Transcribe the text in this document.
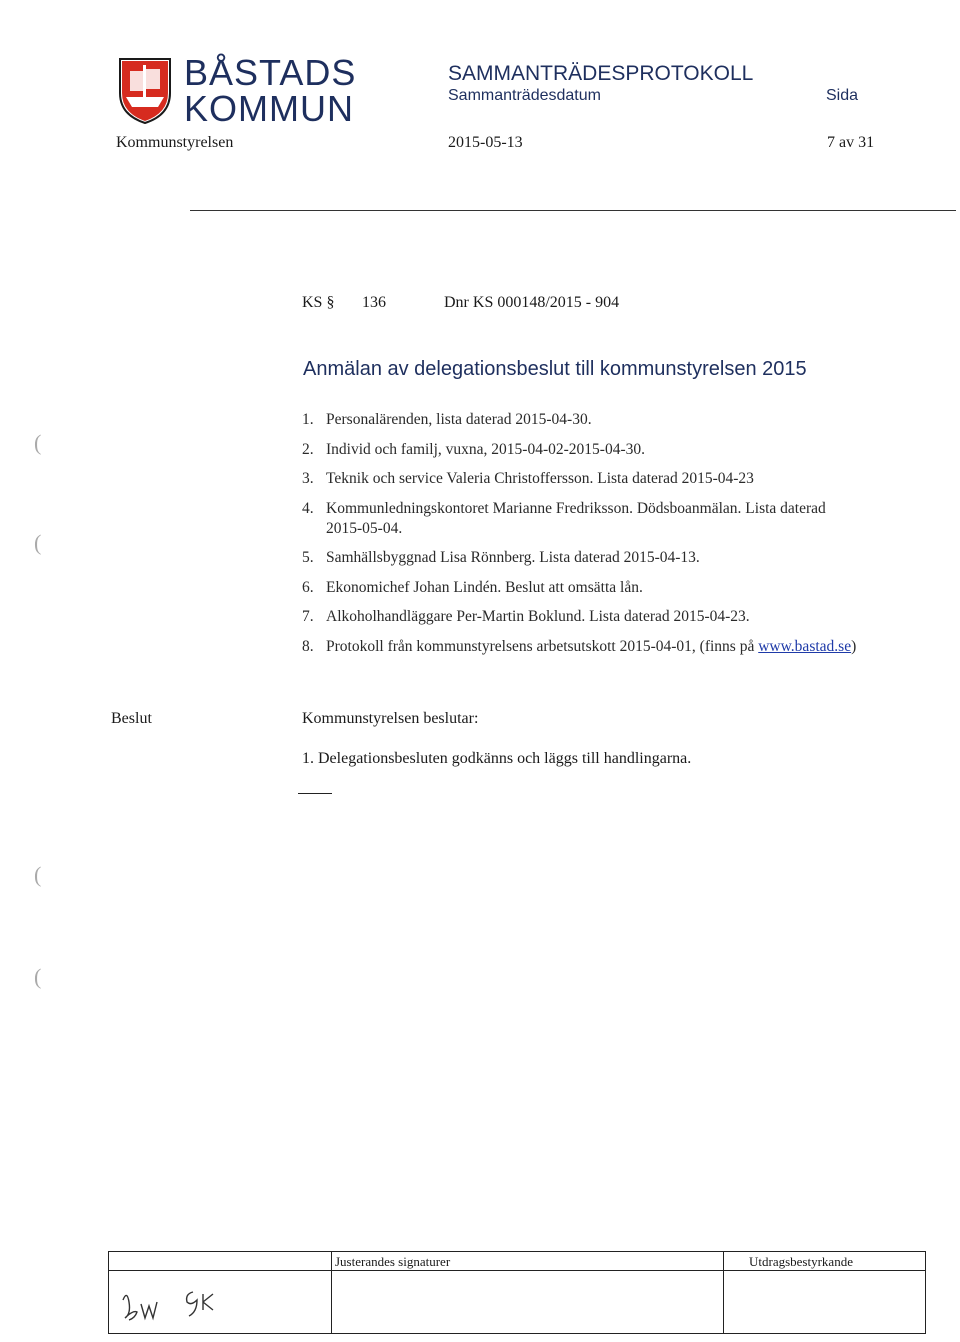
BÅSTADS
KOMMUN
SAMMANTRÄDESPROTOKOLL
Sammanträdesdatum	Sida
Kommunstyrelsen	2015-05-13	7 av 31
KS § 136	Dnr KS 000148/2015 - 904
Anmälan av delegationsbeslut till kommunstyrelsen 2015
1. Personalärenden, lista daterad 2015-04-30.
2. Individ och familj, vuxna, 2015-04-02-2015-04-30.
3. Teknik och service Valeria Christoffersson. Lista daterad 2015-04-23
4. Kommunledningskontoret Marianne Fredriksson. Dödsboanmälan. Lista daterad 2015-05-04.
5. Samhällsbyggnad Lisa Rönnberg. Lista daterad 2015-04-13.
6. Ekonomichef Johan Lindén. Beslut att omsätta lån.
7. Alkoholhandläggare Per-Martin Boklund. Lista daterad 2015-04-23.
8. Protokoll från kommunstyrelsens arbetsutskott 2015-04-01, (finns på www.bastad.se)
Beslut	Kommunstyrelsen beslutar:
1. Delegationsbesluten godkänns och läggs till handlingarna.
(
(
(
(
Justerandes signaturer	Utdragsbestyrkande
